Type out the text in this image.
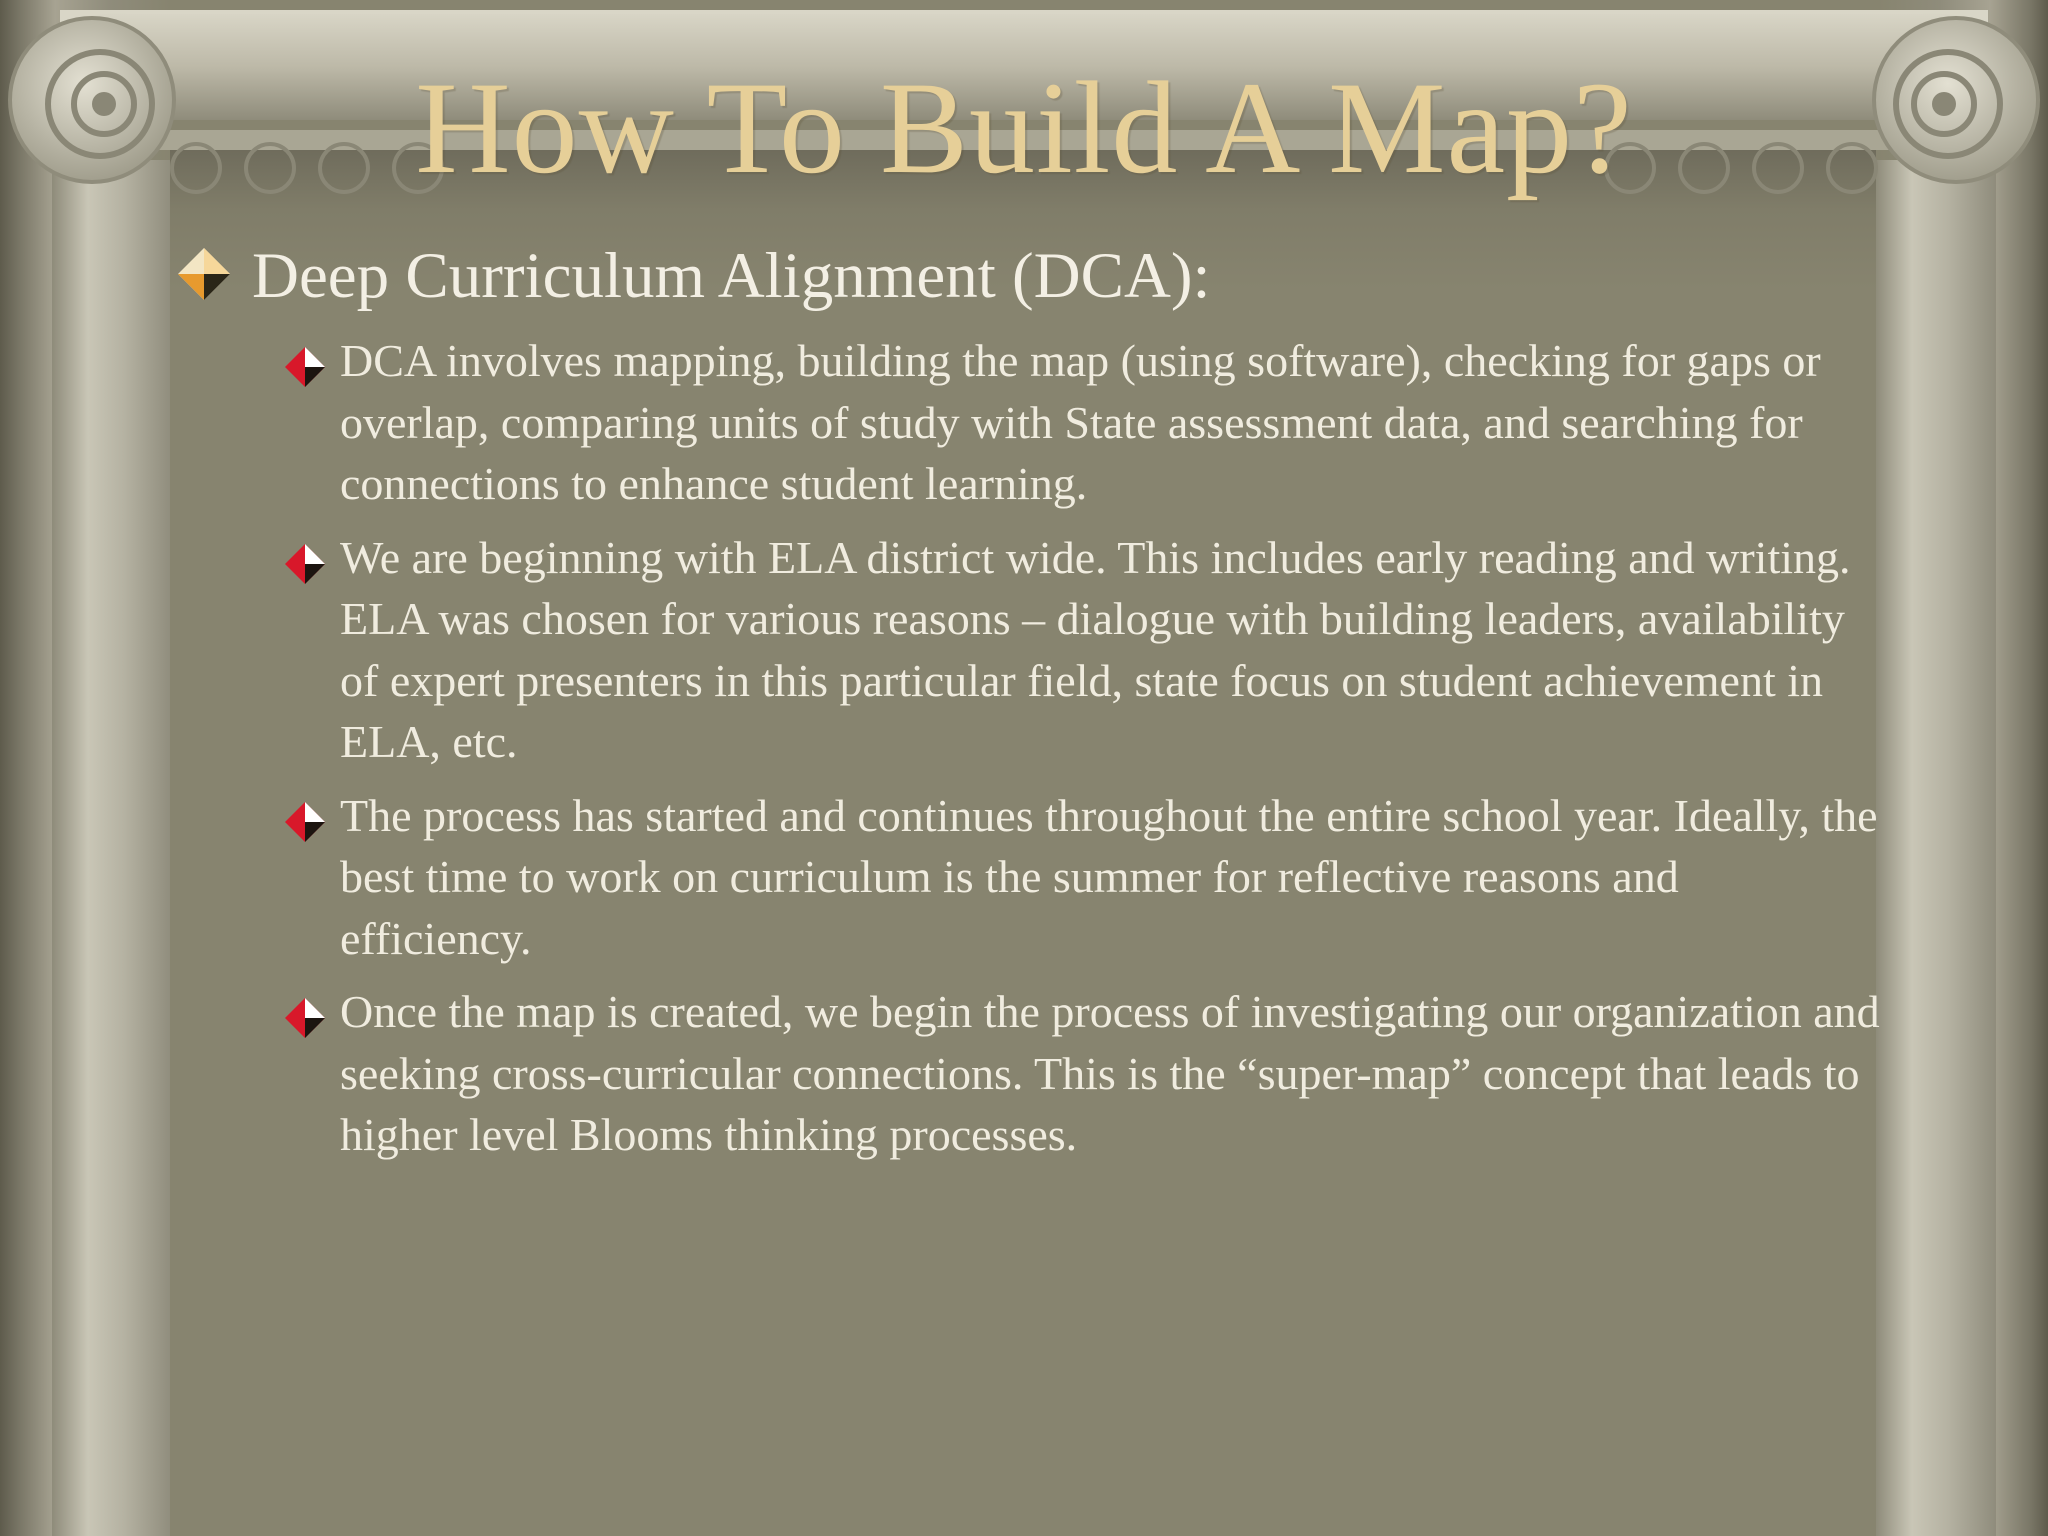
How To Build A Map?
Deep Curriculum Alignment (DCA):
DCA involves mapping, building the map (using software), checking for gaps or overlap, comparing units of study with State assessment data, and searching for connections to enhance student learning.
We are beginning with ELA district wide. This includes early reading and writing. ELA was chosen for various reasons – dialogue with building leaders, availability of expert presenters in this particular field, state focus on student achievement in ELA, etc.
The process has started and continues throughout the entire school year. Ideally, the best time to work on curriculum is the summer for reflective reasons and efficiency.
Once the map is created, we begin the process of investigating our organization and seeking cross-curricular connections. This is the “super-map” concept that leads to higher level Blooms thinking processes.
